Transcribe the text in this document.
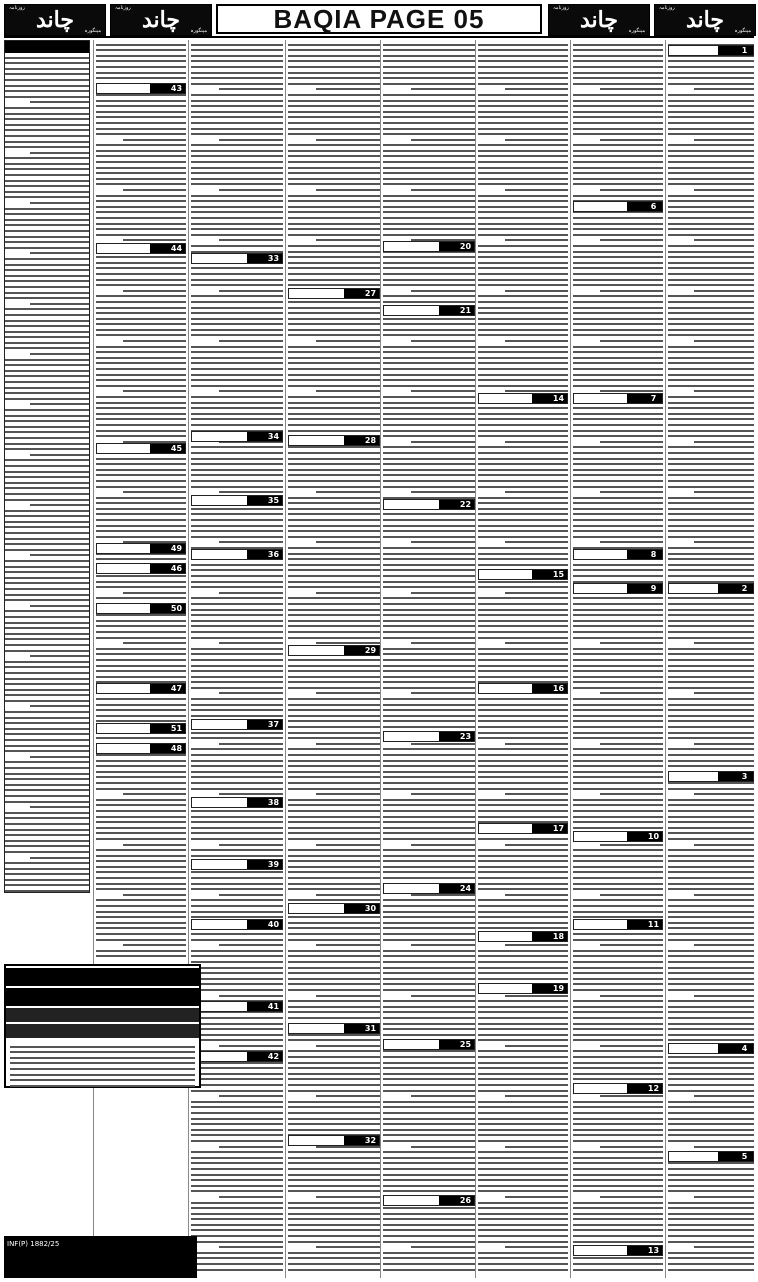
روزنامہ چاند مینگورہ
روزنامہ چاند مینگورہ	BAQIA PAGE 05	روزنامہ چاند مینگورہ
روزنامہ چاند مینگورہ
43
44
45
46
47
48
49
50
51
33
34
35
36
37
38
39
40
41
42
27
28
29
30
31
32
20
21
22
23
24
25
26
14
15
16
17
18
19
6
7
8
9
10
11
12
13
1
2
3
4
5
INF(P) 1882/25
